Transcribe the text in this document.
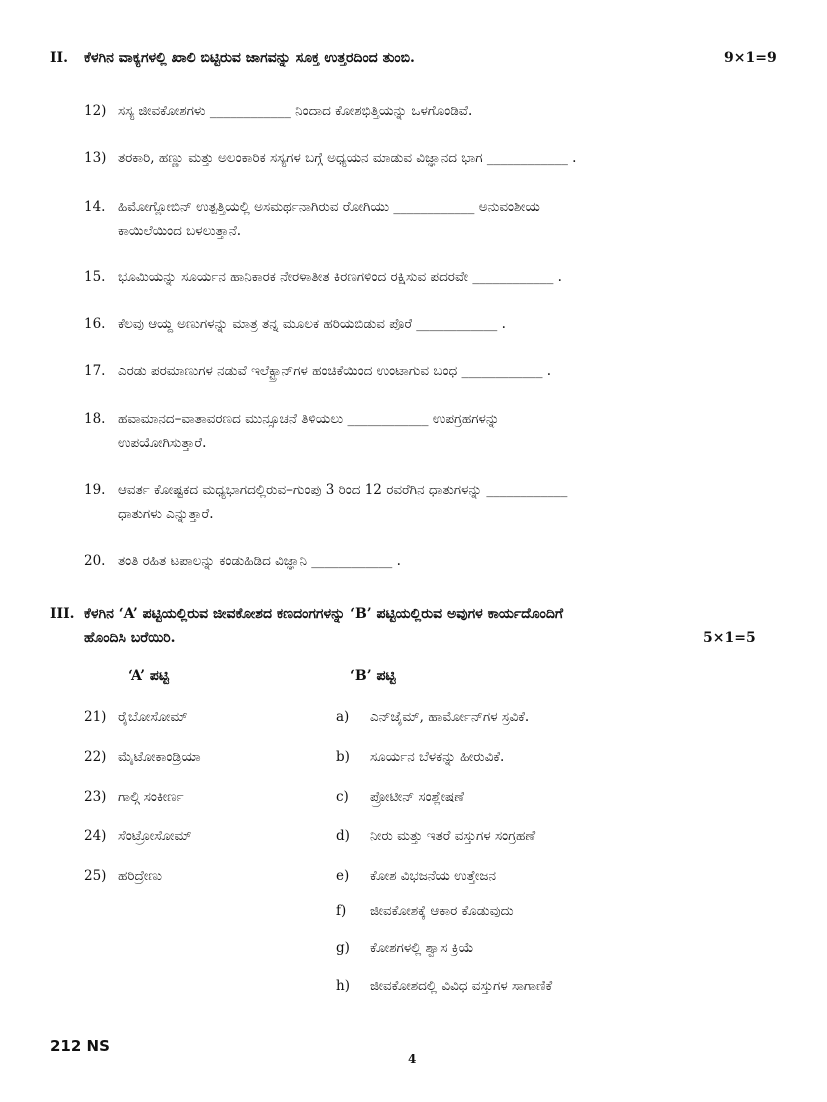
II. ಕೆಳಗಿನ ವಾಕ್ಯಗಳಲ್ಲಿ ಖಾಲಿ ಬಿಟ್ಟಿರುವ ಜಾಗವನ್ನು ಸೂಕ್ತ ಉತ್ತರದಿಂದ ತುಂಬಿ.	9×1=9
12) ಸಸ್ಯ ಜೀವಕೋಶಗಳು ____________ ನಿಂದಾದ ಕೋಶಭಿತ್ತಿಯನ್ನು ಒಳಗೊಂಡಿವೆ.
13) ತರಕಾರಿ, ಹಣ್ಣು ಮತ್ತು ಅಲಂಕಾರಿಕ ಸಸ್ಯಗಳ ಬಗ್ಗೆ ಅಧ್ಯಯನ ಮಾಡುವ ವಿಜ್ಞಾನದ ಭಾಗ ____________ .
14. ಹಿಮೋಗ್ಲೋಬಿನ್ ಉತ್ಪತ್ತಿಯಲ್ಲಿ ಅಸಮರ್ಥನಾಗಿರುವ ರೋಗಿಯು ____________ ಅನುವಂಶೀಯ
ಕಾಯಿಲೆಯಿಂದ ಬಳಲುತ್ತಾನೆ.
15. ಭೂಮಿಯನ್ನು ಸೂರ್ಯನ ಹಾನಿಕಾರಕ ನೇರಳಾತೀತ ಕಿರಣಗಳಿಂದ ರಕ್ಷಿಸುವ ಪದರವೇ ____________ .
16. ಕೆಲವು ಆಯ್ದ ಅಣುಗಳನ್ನು ಮಾತ್ರ ತನ್ನ ಮೂಲಕ ಹರಿಯಬಿಡುವ ಪೊರೆ ____________ .
17. ಎರಡು ಪರಮಾಣುಗಳ ನಡುವೆ ಇಲೆಕ್ಟ್ರಾನ್‌ಗಳ ಹಂಚಿಕೆಯಿಂದ ಉಂಟಾಗುವ ಬಂಧ ____________ .
18. ಹವಾಮಾನದ–ವಾತಾವರಣದ ಮುನ್ಸೂಚನೆ ತಿಳಿಯಲು ____________ ಉಪಗ್ರಹಗಳನ್ನು
ಉಪಯೋಗಿಸುತ್ತಾರೆ.
19. ಆವರ್ತ ಕೋಷ್ಟಕದ ಮಧ್ಯಭಾಗದಲ್ಲಿರುವ–ಗುಂಪು 3 ರಿಂದ 12 ರವರೆಗಿನ ಧಾತುಗಳನ್ನು ____________
ಧಾತುಗಳು ಎನ್ನುತ್ತಾರೆ.
20. ತಂತಿ ರಹಿತ ಟಪಾಲನ್ನು ಕಂಡುಹಿಡಿದ ವಿಜ್ಞಾನಿ ____________ .
III. ಕೆಳಗಿನ ‘A’ ಪಟ್ಟಿಯಲ್ಲಿರುವ ಜೀವಕೋಶದ ಕಣದಂಗಗಳನ್ನು ‘B’ ಪಟ್ಟಿಯಲ್ಲಿರುವ ಅವುಗಳ ಕಾರ್ಯದೊಂದಿಗೆ
ಹೊಂದಿಸಿ ಬರೆಯಿರಿ.	5×1=5
‘A’ ಪಟ್ಟಿ	‘B’ ಪಟ್ಟಿ
21) ರೈಬೋಸೋಮ್
22) ಮೈಟೋಕಾಂಡ್ರಿಯಾ
23) ಗಾಲ್ಗಿ ಸಂಕೀರ್ಣ
24) ಸೆಂಟ್ರೋಸೋಮ್
25) ಹರಿದ್ರೇಣು
a) ಎನ್‌ಜೈಮ್, ಹಾರ್ಮೋನ್‌ಗಳ ಸ್ರವಿಕೆ.
b) ಸೂರ್ಯನ ಬೆಳಕನ್ನು ಹೀರುವಿಕೆ.
c) ಪ್ರೋಟೀನ್ ಸಂಶ್ಲೇಷಣೆ
d) ನೀರು ಮತ್ತು ಇತರೆ ವಸ್ತುಗಳ ಸಂಗ್ರಹಣೆ
e) ಕೋಶ ವಿಭಜನೆಯ ಉತ್ತೇಜನ
f) ಜೀವಕೋಶಕ್ಕೆ ಆಕಾರ ಕೊಡುವುದು
g) ಕೋಶಗಳಲ್ಲಿ ಶ್ವಾಸ ಕ್ರಿಯೆ
h) ಜೀವಕೋಶದಲ್ಲಿ ವಿವಿಧ ವಸ್ತುಗಳ ಸಾಗಾಣಿಕೆ
212 NS
4
